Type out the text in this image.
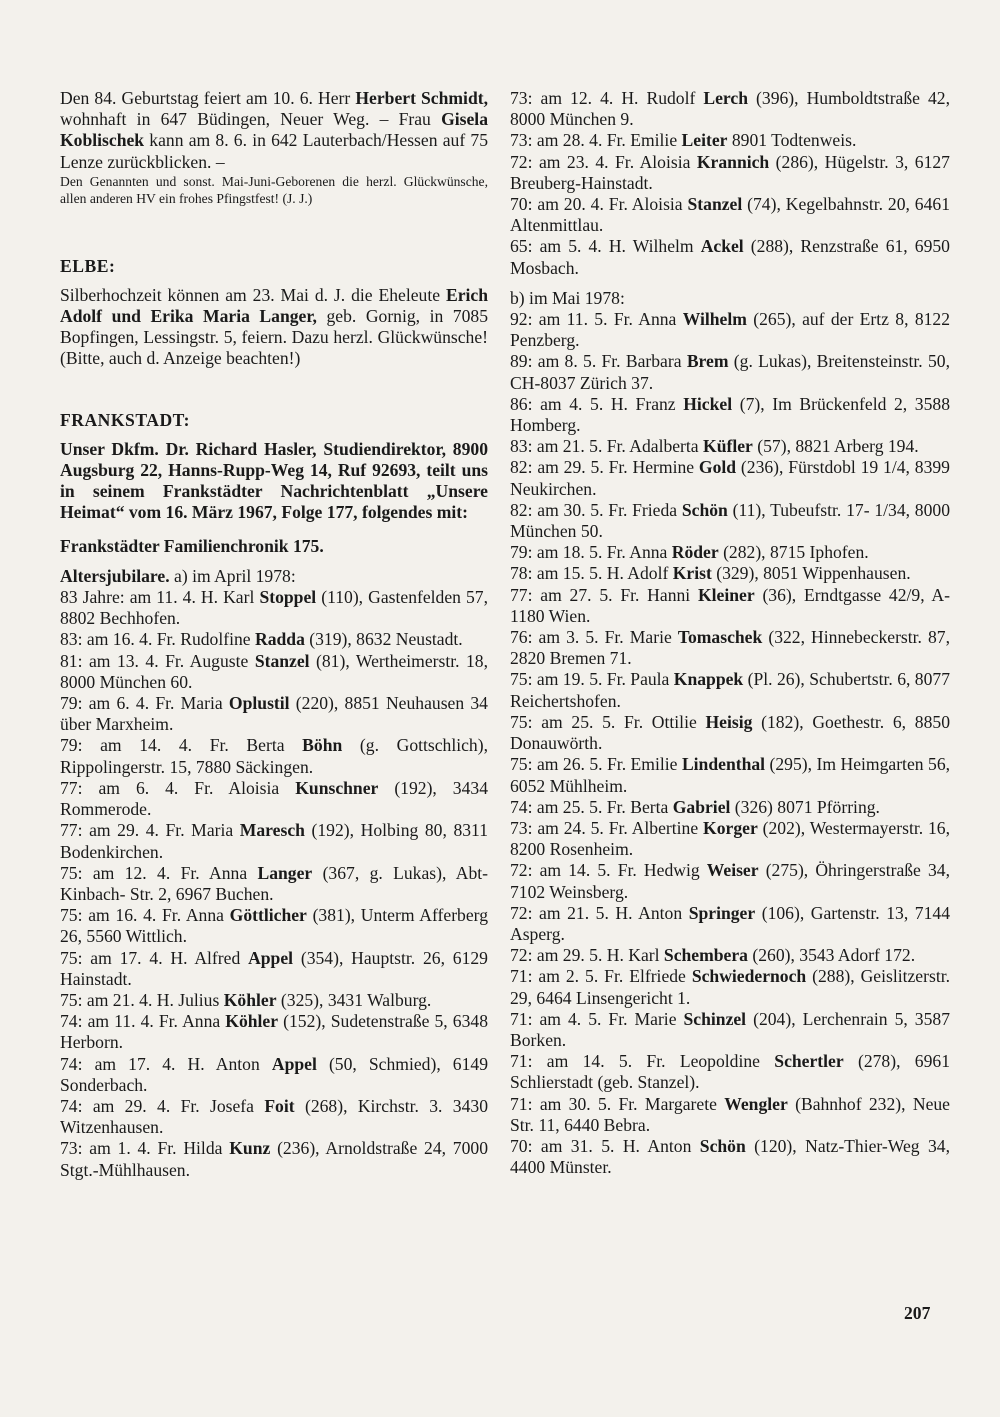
Den 84. Geburtstag feiert am 10. 6. Herr Herbert Schmidt, wohnhaft in 647 Büdingen, Neuer Weg. – Frau Gisela Koblischek kann am 8. 6. in 642 Lauterbach/Hessen auf 75 Lenze zurückblicken. –

Den Genannten und sonst. Mai-Juni-Geborenen die herzl. Glückwünsche, allen anderen HV ein frohes Pfingstfest! (J. J.)

ELBE:

Silberhochzeit können am 23. Mai d. J. die Eheleute Erich Adolf und Erika Maria Langer, geb. Gornig, in 7085 Bopfingen, Lessingstr. 5, feiern. Dazu herzl. Glückwünsche! (Bitte, auch d. Anzeige beachten!)

FRANKSTADT:

Unser Dkfm. Dr. Richard Hasler, Studiendirektor, 8900 Augsburg 22, Hanns-Rupp-Weg 14, Ruf 92693, teilt uns in seinem Frankstädter Nachrichtenblatt „Unsere Heimat“ vom 16. März 1967, Folge 177, folgendes mit:

Frankstädter Familienchronik 175.

Altersjubilare. a) im April 1978:

83 Jahre: am 11. 4. H. Karl Stoppel (110), Gastenfelden 57, 8802 Bechhofen.

83: am 16. 4. Fr. Rudolfine Radda (319), 8632 Neustadt.

81: am 13. 4. Fr. Auguste Stanzel (81), Wertheimerstr. 18, 8000 München 60.

79: am 6. 4. Fr. Maria Oplustil (220), 8851 Neuhausen 34 über Marxheim.

79: am 14. 4. Fr. Berta Böhn (g. Gottschlich), Rippolingerstr. 15, 7880 Säckingen.

77: am 6. 4. Fr. Aloisia Kunschner (192), 3434 Rommerode.

77: am 29. 4. Fr. Maria Maresch (192), Holbing 80, 8311 Bodenkirchen.

75: am 12. 4. Fr. Anna Langer (367, g. Lukas), Abt-Kinbach- Str. 2, 6967 Buchen.

75: am 16. 4. Fr. Anna Göttlicher (381), Unterm Afferberg 26, 5560 Wittlich.

75: am 17. 4. H. Alfred Appel (354), Hauptstr. 26, 6129 Hainstadt.

75: am 21. 4. H. Julius Köhler (325), 3431 Walburg.

74: am 11. 4. Fr. Anna Köhler (152), Sudetenstraße 5, 6348 Herborn.

74: am 17. 4. H. Anton Appel (50, Schmied), 6149 Sonderbach.

74: am 29. 4. Fr. Josefa Foit (268), Kirchstr. 3. 3430 Witzenhausen.

73: am 1. 4. Fr. Hilda Kunz (236), Arnoldstraße 24, 7000 Stgt.-Mühlhausen.

73: am 12. 4. H. Rudolf Lerch (396), Humboldtstraße 42, 8000 München 9.

73: am 28. 4. Fr. Emilie Leiter 8901 Todtenweis.

72: am 23. 4. Fr. Aloisia Krannich (286), Hügelstr. 3, 6127 Breuberg-Hainstadt.

70: am 20. 4. Fr. Aloisia Stanzel (74), Kegelbahnstr. 20, 6461 Altenmittlau.

65: am 5. 4. H. Wilhelm Ackel (288), Renzstraße 61, 6950 Mosbach.

b) im Mai 1978:

92: am 11. 5. Fr. Anna Wilhelm (265), auf der Ertz 8, 8122 Penzberg.

89: am 8. 5. Fr. Barbara Brem (g. Lukas), Breitensteinstr. 50, CH-8037 Zürich 37.

86: am 4. 5. H. Franz Hickel (7), Im Brückenfeld 2, 3588 Homberg.

83: am 21. 5. Fr. Adalberta Küfler (57), 8821 Arberg 194.

82: am 29. 5. Fr. Hermine Gold (236), Fürstdobl 19 1/4, 8399 Neukirchen.

82: am 30. 5. Fr. Frieda Schön (11), Tubeufstr. 17- 1/34, 8000 München 50.

79: am 18. 5. Fr. Anna Röder (282), 8715 Iphofen.

78: am 15. 5. H. Adolf Krist (329), 8051 Wippenhausen.

77: am 27. 5. Fr. Hanni Kleiner (36), Erndtgasse 42/9, A-1180 Wien.

76: am 3. 5. Fr. Marie Tomaschek (322, Hinnebeckerstr. 87, 2820 Bremen 71.

75: am 19. 5. Fr. Paula Knappek (Pl. 26), Schubertstr. 6, 8077 Reichertshofen.

75: am 25. 5. Fr. Ottilie Heisig (182), Goethestr. 6, 8850 Donauwörth.

75: am 26. 5. Fr. Emilie Lindenthal (295), Im Heimgarten 56, 6052 Mühlheim.

74: am 25. 5. Fr. Berta Gabriel (326) 8071 Pförring.

73: am 24. 5. Fr. Albertine Korger (202), Westermayerstr. 16, 8200 Rosenheim.

72: am 14. 5. Fr. Hedwig Weiser (275), Öhringerstraße 34, 7102 Weinsberg.

72: am 21. 5. H. Anton Springer (106), Gartenstr. 13, 7144 Asperg.

72: am 29. 5. H. Karl Schembera (260), 3543 Adorf 172.

71: am 2. 5. Fr. Elfriede Schwiedernoch (288), Geislitzerstr. 29, 6464 Linsengericht 1.

71: am 4. 5. Fr. Marie Schinzel (204), Lerchenrain 5, 3587 Borken.

71: am 14. 5. Fr. Leopoldine Schertler (278), 6961 Schlierstadt (geb. Stanzel).

71: am 30. 5. Fr. Margarete Wengler (Bahnhof 232), Neue Str. 11, 6440 Bebra.

70: am 31. 5. H. Anton Schön (120), Natz-Thier-Weg 34, 4400 Münster.

207
